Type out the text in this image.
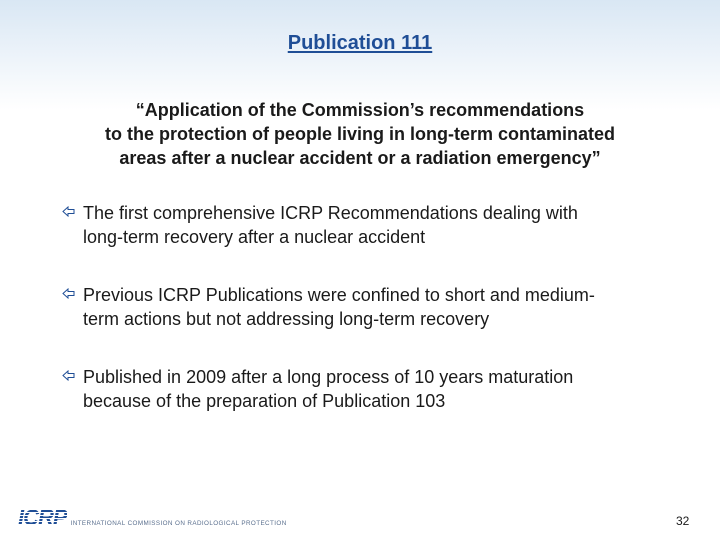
Publication 111
“Application of the Commission’s recommendations
to the protection of people living in long-term contaminated
areas after a nuclear accident or a radiation emergency”
The first comprehensive ICRP Recommendations dealing with
long-term recovery after a nuclear accident
Previous ICRP Publications were confined to short and medium-
term actions but not addressing long-term recovery
Published in 2009 after a long process of 10 years maturation
because of the preparation of Publication 103
ICRP INTERNATIONAL COMMISSION ON RADIOLOGICAL PROTECTION	32
